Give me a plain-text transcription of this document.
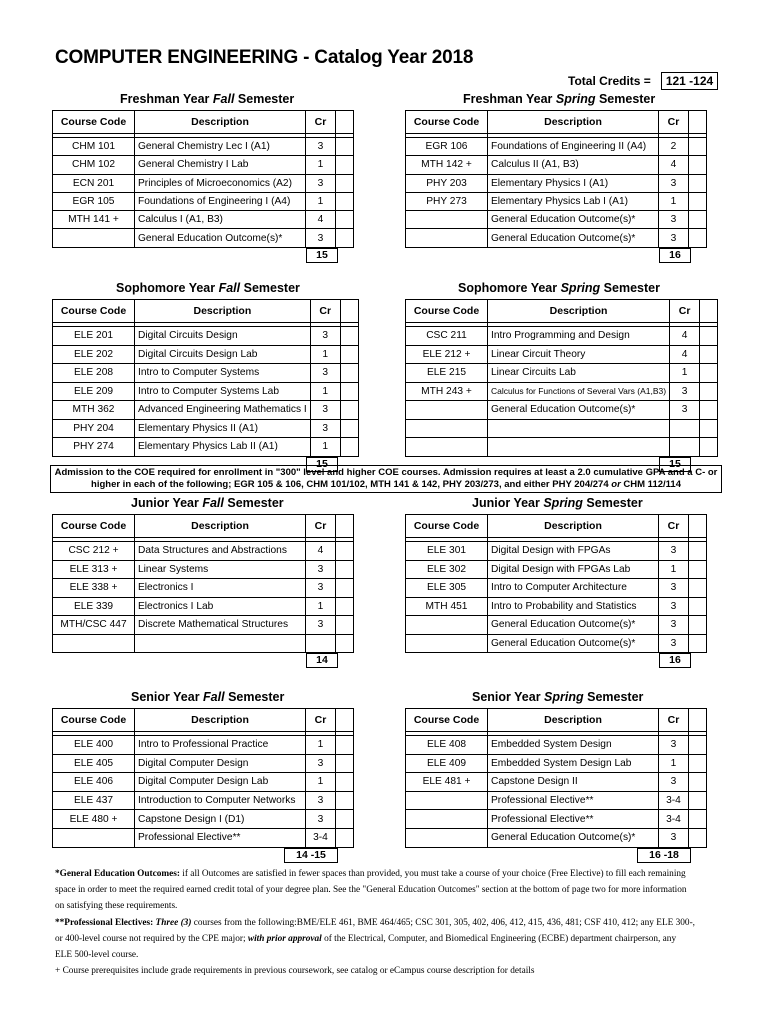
COMPUTER ENGINEERING - Catalog Year 2018
Total Credits =	121 -124
Freshman Year Fall Semester
Course Code	Description	Cr	

CHM 101	General Chemistry Lec I (A1)	3	
CHM 102	General Chemistry I Lab	1	
ECN 201	Principles of Microeconomics (A2)	3	
EGR 105	Foundations of Engineering I (A4)	1	
MTH 141 +	Calculus I (A1, B3)	4	
	General Education Outcome(s)*	3	
15
Freshman Year Spring Semester
Course Code	Description	Cr	

EGR 106	Foundations of Engineering II (A4)	2	
MTH 142 +	Calculus II (A1, B3)	4	
PHY 203	Elementary Physics I (A1)	3	
PHY 273	Elementary Physics Lab I (A1)	1	
	General Education Outcome(s)*	3	
	General Education Outcome(s)*	3	
16
Sophomore Year Fall Semester
Course Code	Description	Cr	

ELE 201	Digital Circuits Design	3	
ELE 202	Digital Circuits Design Lab	1	
ELE 208	Intro to Computer Systems	3	
ELE 209	Intro to Computer Systems Lab	1	
MTH 362	Advanced Engineering Mathematics I	3	
PHY 204	Elementary Physics II (A1)	3	
PHY 274	Elementary Physics Lab II (A1)	1	
15
Sophomore Year Spring Semester
Course Code	Description	Cr	

CSC 211	Intro Programming and Design	4	
ELE 212 +	Linear Circuit Theory	4	
ELE 215	Linear Circuits Lab	1	
MTH 243 +	Calculus for Functions of Several Vars (A1,B3)	3	
	General Education Outcome(s)*	3	

15
Admission to the COE required for enrollment in "300" level and higher COE courses. Admission requires at least a 2.0 cumulative GPA and a C- or
higher in each of the following; EGR 105 & 106, CHM 101/102, MTH 141 & 142, PHY 203/273, and either PHY 204/274 or CHM 112/114
Junior Year Fall Semester
Course Code	Description	Cr	

CSC 212 +	Data Structures and Abstractions	4	
ELE 313 +	Linear Systems	3	
ELE 338 +	Electronics I	3	
ELE 339	Electronics I Lab	1	
MTH/CSC 447	Discrete Mathematical Structures	3	

14
Junior Year Spring Semester
Course Code	Description	Cr	

ELE 301	Digital Design with FPGAs	3	
ELE 302	Digital Design with FPGAs Lab	1	
ELE 305	Intro to Computer Architecture	3	
MTH 451	Intro to Probability and Statistics	3	
	General Education Outcome(s)*	3	
	General Education Outcome(s)*	3	
16
Senior Year Fall Semester
Course Code	Description	Cr	

ELE 400	Intro to Professional Practice	1	
ELE 405	Digital Computer Design	3	
ELE 406	Digital Computer Design Lab	1	
ELE 437	Introduction to Computer Networks	3	
ELE 480 +	Capstone Design I (D1)	3	
	Professional Elective**	3-4	
14 -15
Senior Year Spring Semester
Course Code	Description	Cr	

ELE 408	Embedded System Design	3	
ELE 409	Embedded System Design Lab	1	
ELE 481 +	Capstone Design II	3	
	Professional Elective**	3-4	
	Professional Elective**	3-4	
	General Education Outcome(s)*	3	
16 -18

*General Education Outcomes: if all Outcomes are satisfied in fewer spaces than provided, you must take a course of your choice (Free Elective) to fill each remaining space in order to meet the required earned credit total of your degree plan. See the "General Education Outcomes" section at the bottom of page two for more information on satisfying these requirements.

**Professional Electives: Three (3) courses from the following:BME/ELE 461, BME 464/465; CSC 301, 305, 402, 406, 412, 415, 436, 481; CSF 410, 412; any ELE 300-, or 400-level course not required by the CPE major; with prior approval of the Electrical, Computer, and Biomedical Engineering (ECBE) department chairperson, any ELE 500-level course.

+ Course prerequisites include grade requirements in previous coursework, see catalog or eCampus course description for details
